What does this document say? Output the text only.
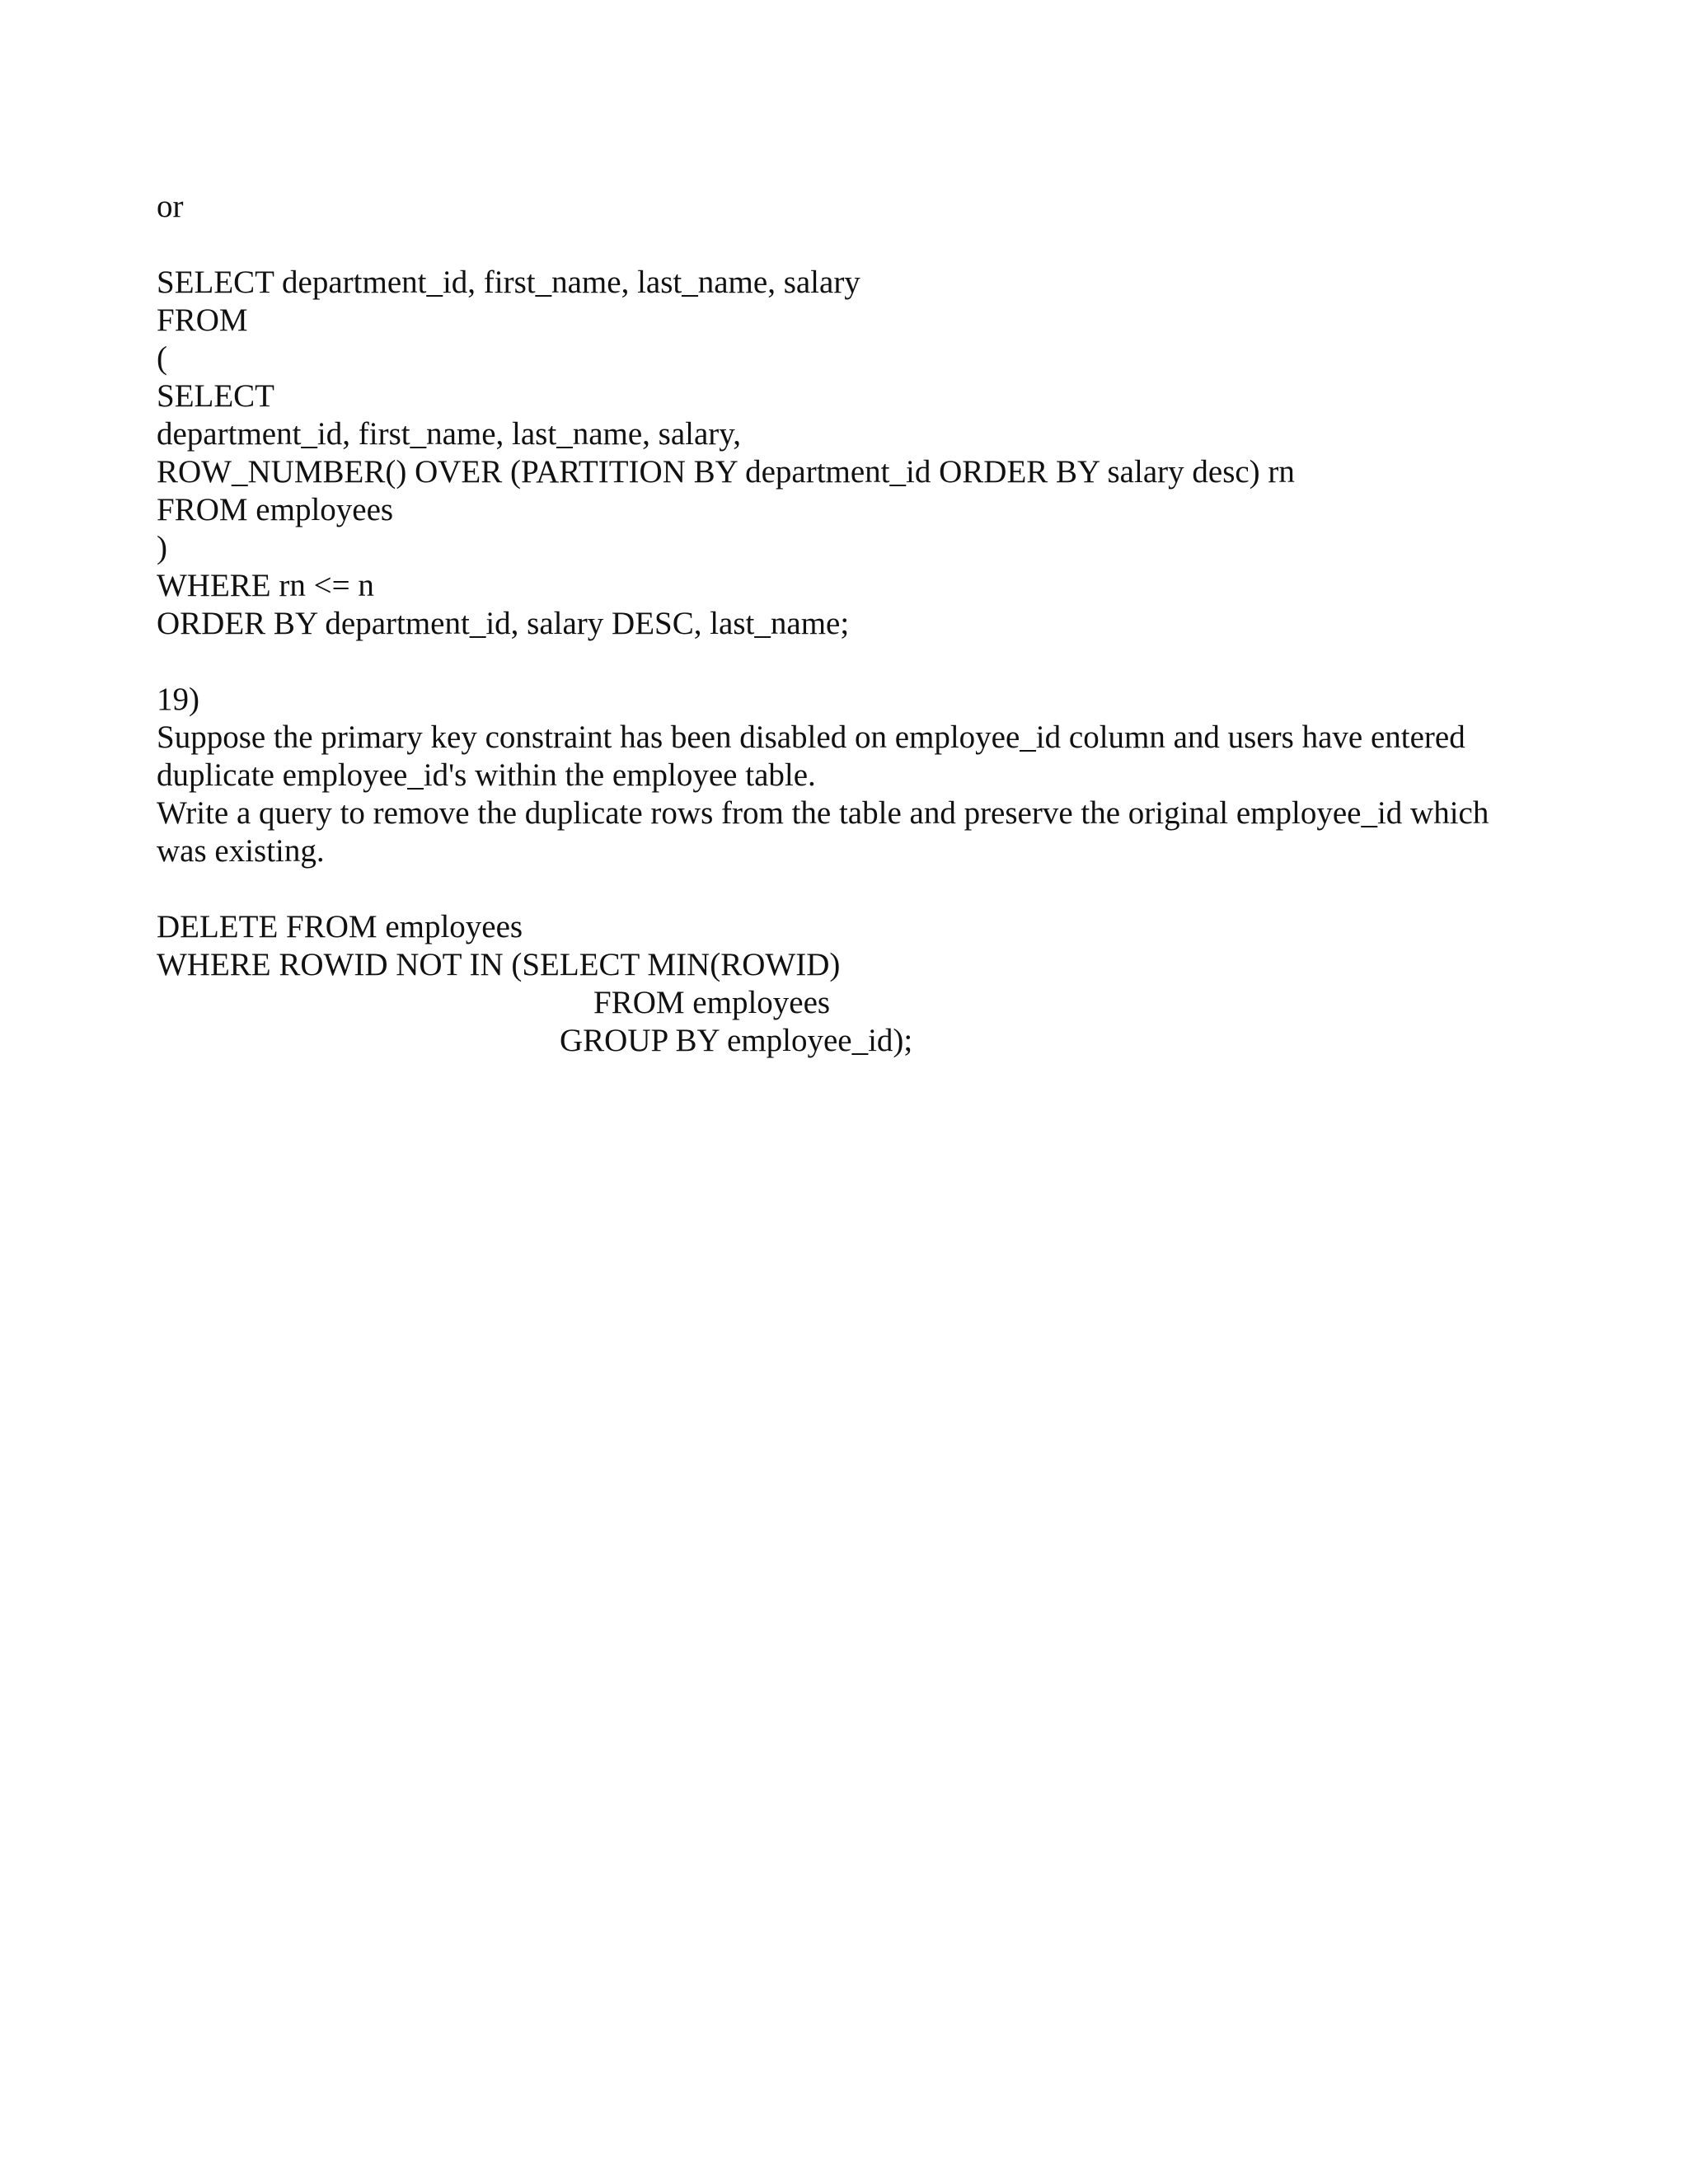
or
SELECT department_id, first_name, last_name, salary
FROM
(
SELECT
department_id, first_name, last_name, salary,
ROW_NUMBER() OVER (PARTITION BY department_id ORDER BY salary desc) rn
FROM employees
)
WHERE rn <= n
ORDER BY department_id, salary DESC, last_name;
19)
Suppose the primary key constraint has been disabled on employee_id column and users have entered
duplicate employee_id's within the employee table.
Write a query to remove the duplicate rows from the table and preserve the original employee_id which
was existing.
DELETE FROM employees
WHERE ROWID NOT IN (SELECT MIN(ROWID)
FROM employees
GROUP BY employee_id);
